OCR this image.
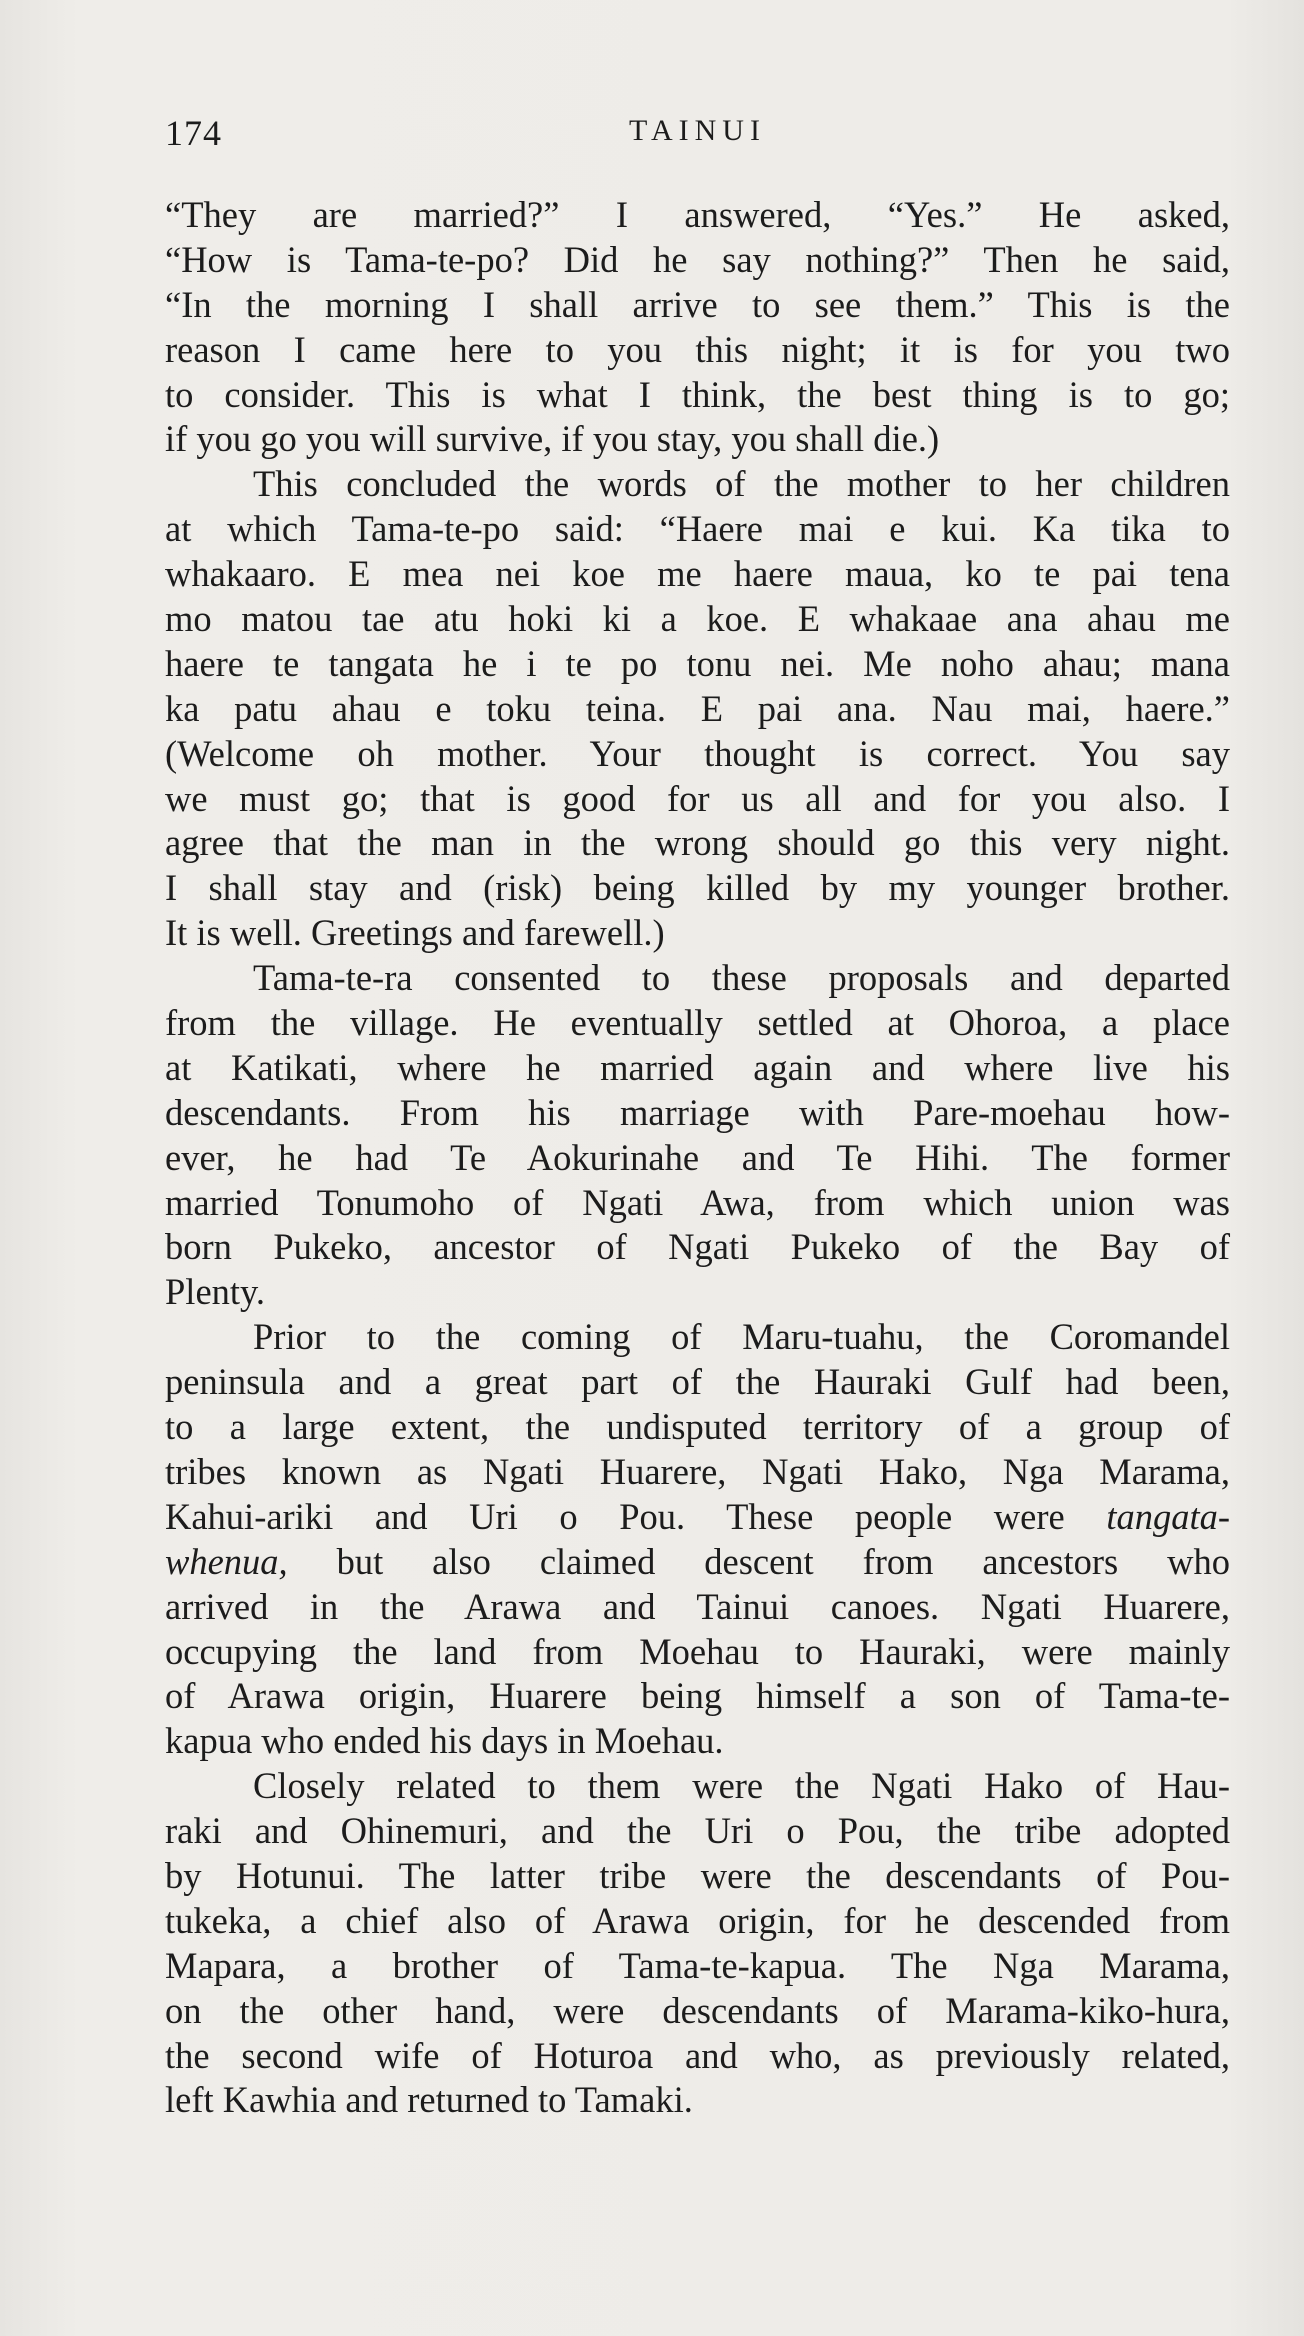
174	TAINUI
“They are married?” I answered, “Yes.” He asked,
“How is Tama-te-po? Did he say nothing?” Then he said,
“In the morning I shall arrive to see them.” This is the
reason I came here to you this night; it is for you two
to consider. This is what I think, the best thing is to go;
if you go you will survive, if you stay, you shall die.)
This concluded the words of the mother to her children
at which Tama-te-po said: “Haere mai e kui. Ka tika to
whakaaro. E mea nei koe me haere maua, ko te pai tena
mo matou tae atu hoki ki a koe. E whakaae ana ahau me
haere te tangata he i te po tonu nei. Me noho ahau; mana
ka patu ahau e toku teina. E pai ana. Nau mai, haere.”
(Welcome oh mother. Your thought is correct. You say
we must go; that is good for us all and for you also. I
agree that the man in the wrong should go this very night.
I shall stay and (risk) being killed by my younger brother.
It is well. Greetings and farewell.)
Tama-te-ra consented to these proposals and departed
from the village. He eventually settled at Ohoroa, a place
at Katikati, where he married again and where live his
descendants. From his marriage with Pare-moehau how-
ever, he had Te Aokurinahe and Te Hihi. The former
married Tonumoho of Ngati Awa, from which union was
born Pukeko, ancestor of Ngati Pukeko of the Bay of
Plenty.
Prior to the coming of Maru-tuahu, the Coromandel
peninsula and a great part of the Hauraki Gulf had been,
to a large extent, the undisputed territory of a group of
tribes known as Ngati Huarere, Ngati Hako, Nga Marama,
Kahui-ariki and Uri o Pou. These people were tangata-
whenua, but also claimed descent from ancestors who
arrived in the Arawa and Tainui canoes. Ngati Huarere,
occupying the land from Moehau to Hauraki, were mainly
of Arawa origin, Huarere being himself a son of Tama-te-
kapua who ended his days in Moehau.
Closely related to them were the Ngati Hako of Hau-
raki and Ohinemuri, and the Uri o Pou, the tribe adopted
by Hotunui. The latter tribe were the descendants of Pou-
tukeka, a chief also of Arawa origin, for he descended from
Mapara, a brother of Tama-te-kapua. The Nga Marama,
on the other hand, were descendants of Marama-kiko-hura,
the second wife of Hoturoa and who, as previously related,
left Kawhia and returned to Tamaki.
